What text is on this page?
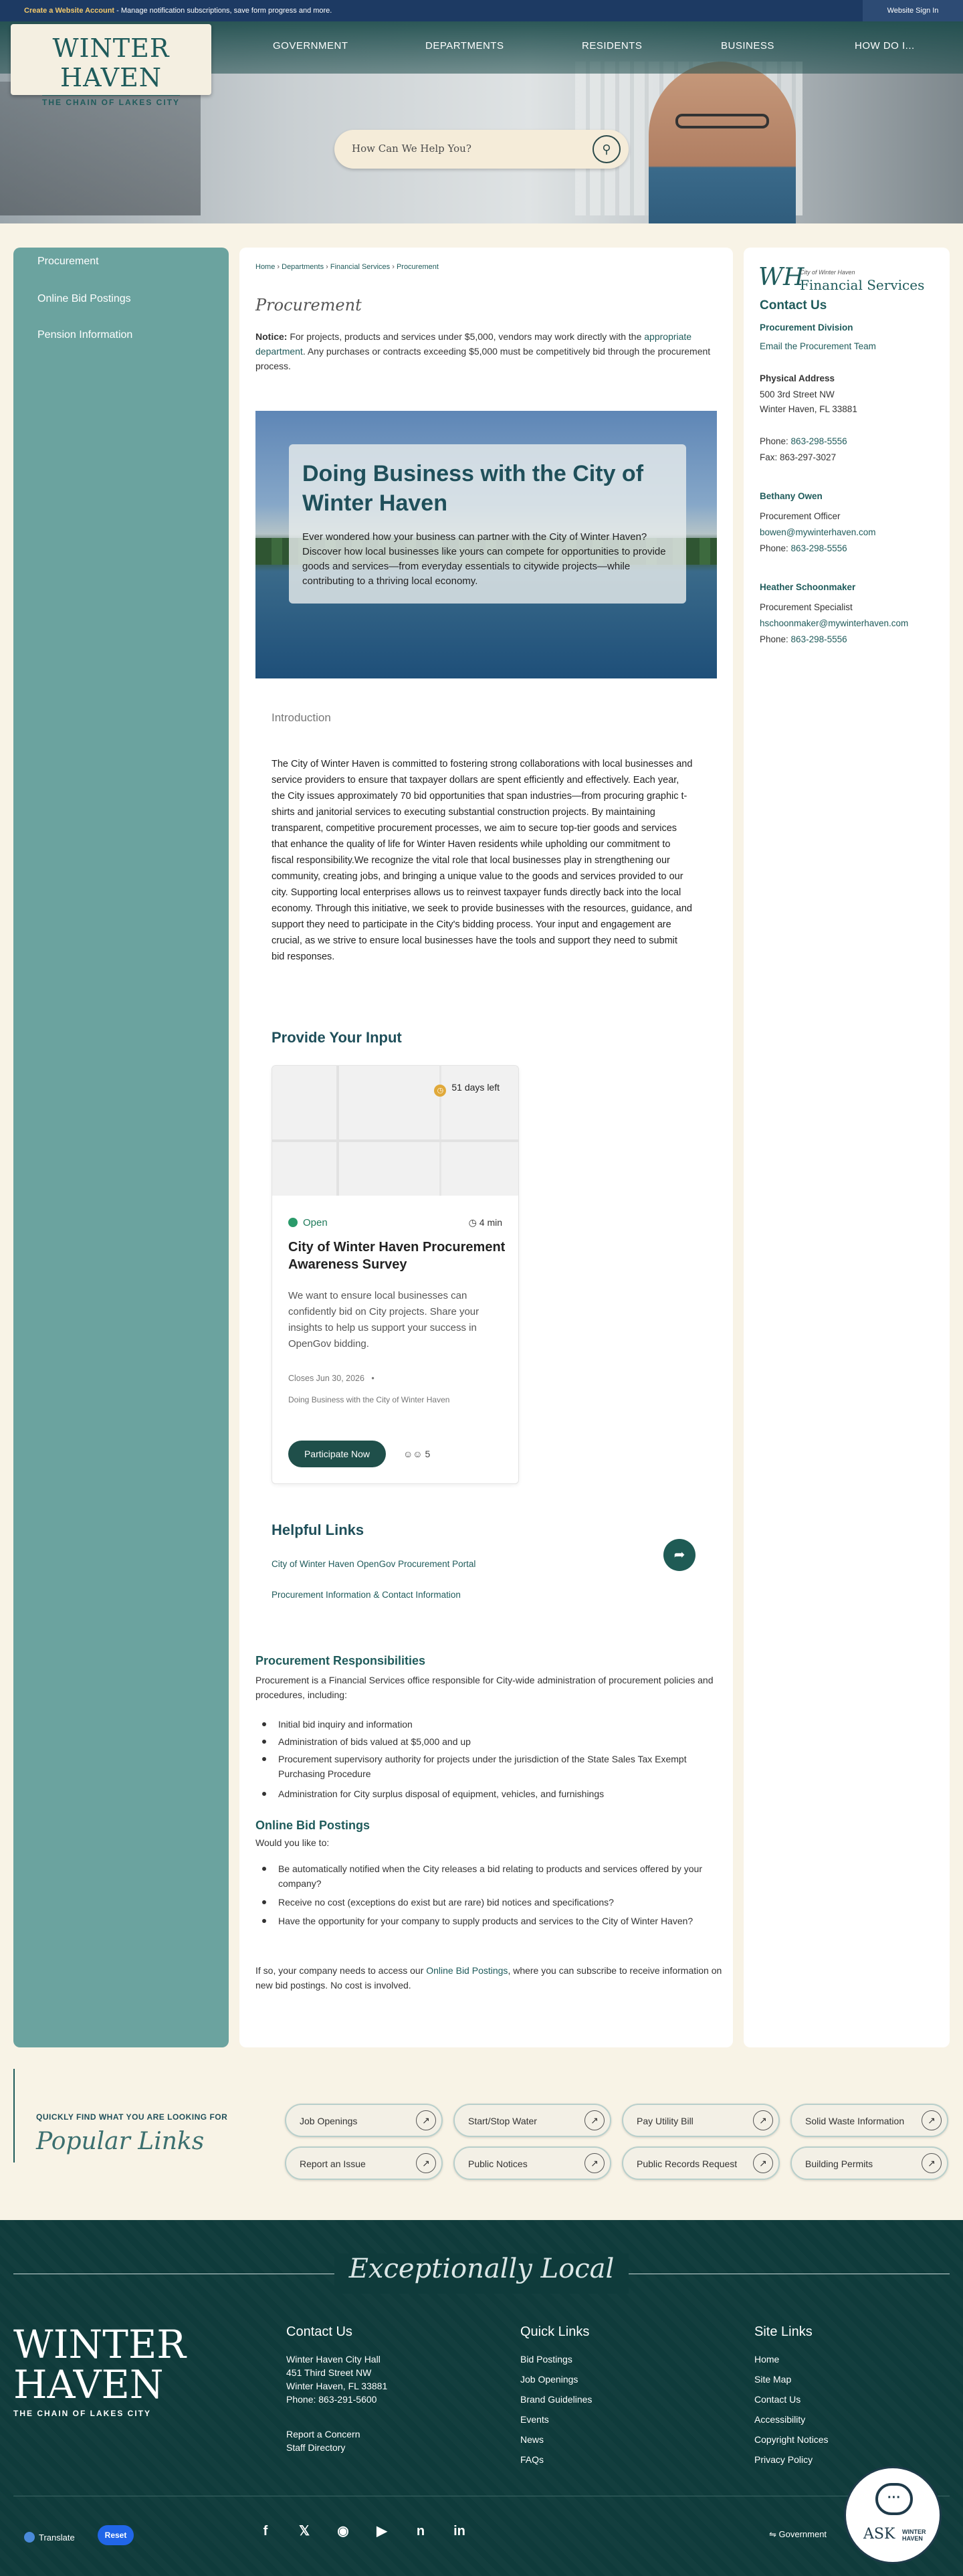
Create a Website Account - Manage notification subscriptions, save form progress and more.	Website Sign In
WINTER HAVEN
THE CHAIN OF LAKES CITY
GOVERNMENT	DEPARTMENTS	RESIDENTS	BUSINESS	HOW DO I...
How Can We Help You?	⚲
Procurement
Online Bid Postings
Pension Information
Home › Departments › Financial Services › Procurement
Procurement
Notice: For projects, products and services under $5,000, vendors may work directly with the appropriate department. Any purchases or contracts exceeding $5,000 must be competitively bid through the procurement process.
Doing Business with the City of Winter Haven

Ever wondered how your business can partner with the City of Winter Haven? Discover how local businesses like yours can compete for opportunities to provide goods and services—from everyday essentials to citywide projects—while contributing to a thriving local economy.

Introduction
The City of Winter Haven is committed to fostering strong collaborations with local businesses and service providers to ensure that taxpayer dollars are spent efficiently and effectively. Each year, the City issues approximately 70 bid opportunities that span industries—from procuring graphic t-shirts and janitorial services to executing substantial construction projects. By maintaining transparent, competitive procurement processes, we aim to secure top-tier goods and services that enhance the quality of life for Winter Haven residents while upholding our commitment to fiscal responsibility.We recognize the vital role that local businesses play in strengthening our community, creating jobs, and bringing a unique value to the goods and services provided to our city. Supporting local enterprises allows us to reinvest taxpayer funds directly back into the local economy. Through this initiative, we seek to provide businesses with the resources, guidance, and support they need to participate in the City's bidding process. Your input and engagement are crucial, as we strive to ensure local businesses have the tools and support they need to submit bid responses.
Provide Your Input
◷ 51 days left
Open	◷ 4 min
City of Winter Haven Procurement Awareness Survey
We want to ensure local businesses can confidently bid on City projects. Share your insights to help us support your success in OpenGov bidding.
Closes Jun 30, 2026 •
Doing Business with the City of Winter Haven
Participate Now	☺☺ 5
Helpful Links
➦
City of Winter Haven OpenGov Procurement Portal
Procurement Information & Contact Information
Procurement Responsibilities
Procurement is a Financial Services office responsible for City-wide administration of procurement policies and procedures, including:
Initial bid inquiry and information
Administration of bids valued at $5,000 and up
Procurement supervisory authority for projects under the jurisdiction of the State Sales Tax Exempt Purchasing Procedure
Administration for City surplus disposal of equipment, vehicles, and furnishings
Online Bid Postings
Would you like to:
Be automatically notified when the City releases a bid relating to products and services offered by your company?
Receive no cost (exceptions do exist but are rare) bid notices and specifications?
Have the opportunity for your company to supply products and services to the City of Winter Haven?
If so, your company needs to access our Online Bid Postings, where you can subscribe to receive information on new bid postings. No cost is involved.
WH
City of Winter Haven
Financial Services
Contact Us
Procurement Division
Email the Procurement Team
Physical Address
500 3rd Street NW
Winter Haven, FL 33881
Phone: 863-298-5556
Fax: 863-297-3027
Bethany Owen
Procurement Officer
bowen@mywinterhaven.com
Phone: 863-298-5556
Heather Schoonmaker
Procurement Specialist
hschoonmaker@mywinterhaven.com
Phone: 863-298-5556
QUICKLY FIND WHAT YOU ARE LOOKING FOR
Popular Links
Job Openings	↗	Start/Stop Water	↗	Pay Utility Bill	↗	Solid Waste Information	↗
Report an Issue	↗	Public Notices	↗	Public Records Request	↗	Building Permits	↗
Exceptionally Local
WINTER
HAVEN
THE CHAIN OF LAKES CITY
Contact Us
Winter Haven City Hall
451 Third Street NW
Winter Haven, FL 33881
Phone: 863-291-5600
Report a Concern
Staff Directory
Quick Links
Bid Postings
Job Openings
Brand Guidelines
Events
News
FAQs
Site Links
Home
Site Map
Contact Us
Accessibility
Copyright Notices
Privacy Policy
Translate	Reset	f	𝕏	◉	▶	n	in	⇋ Government
···
ASK WINTER HAVEN
